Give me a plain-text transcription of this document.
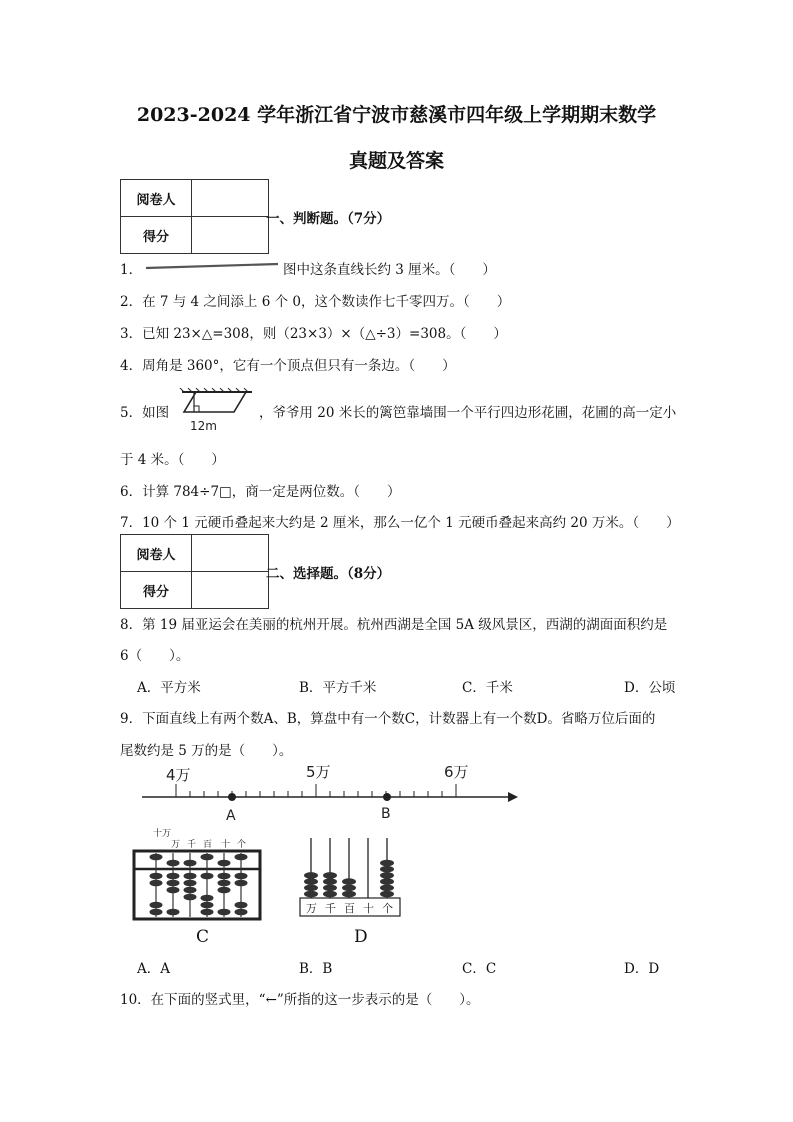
2023-2024 学年浙江省宁波市慈溪市四年级上学期期末数学
真题及答案
阅卷人	
得分	
一、判断题。（7分）
1．	图中这条直线长约 3 厘米。（　　）
2．在 7 与 4 之间添上 6 个 0，这个数读作七千零四万。（　　）
3．已知 23×△=308，则（23×3）×（△÷3）=308。（　　）
4．周角是 360°，它有一个顶点但只有一条边。（　　）
5．如图
12m
，爷爷用 20 米长的篱笆靠墙围一个平行四边形花圃，花圃的高一定小
于 4 米。（　　）
6．计算 784÷7□，商一定是两位数。（　　）
7．10 个 1 元硬币叠起来大约是 2 厘米，那么一亿个 1 元硬币叠起来高约 20 万米。（　　）
阅卷人	
得分	
二、选择题。（8分）
8．第 19 届亚运会在美丽的杭州开展。杭州西湖是全国 5A 级风景区，西湖的湖面面积约是
6（　　）。
A．平方米	B．平方千米	C．千米	D．公顷
9．下面直线上有两个数A、B，算盘中有一个数C，计数器上有一个数D。省略万位后面的
尾数约是 5 万的是（　　）。
4万	5万	6万
A	B
十万
万 千 百 十 个
C
万 千 百 十 个
D
A．A	B．B	C．C	D．D
10．在下面的竖式里，“←”所指的这一步表示的是（　　）。
